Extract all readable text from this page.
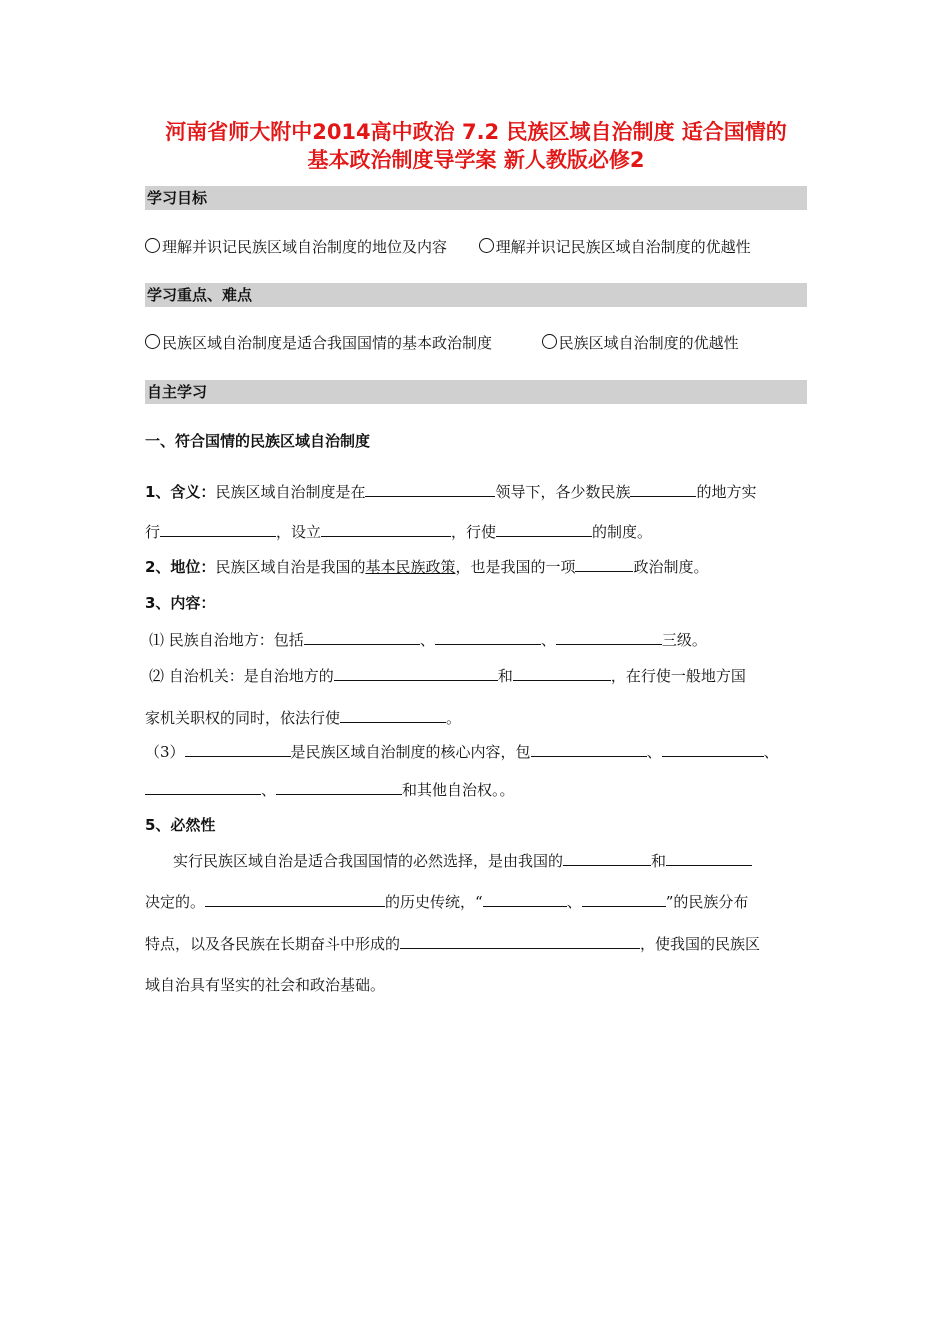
河南省师大附中2014高中政治 7.2 民族区域自治制度 适合国情的
基本政治制度导学案 新人教版必修2
学习目标
理解并识记民族区域自治制度的地位及内容	理解并识记民族区域自治制度的优越性
学习重点、难点
民族区域自治制度是适合我国国情的基本政治制度	民族区域自治制度的优越性
自主学习
一、符合国情的民族区域自治制度
1、含义：民族区域自治制度是在	领导下，各少数民族	的地方实
行	，设立	，行使	的制度。
2、地位：民族区域自治是我国的基本民族政策，也是我国的一项	政治制度。
3、内容：
⑴ 民族自治地方：包括	、	、	三级。
⑵ 自治机关：是自治地方的	和	，在行使一般地方国
家机关职权的同时，依法行使	。
（3）	是民族区域自治制度的核心内容，包	、	、
、	和其他自治权。。
5、必然性
实行民族区域自治是适合我国国情的必然选择，是由我国的	和
决定的。	的历史传统，“	、	”的民族分布
特点，以及各民族在长期奋斗中形成的	，使我国的民族区
域自治具有坚实的社会和政治基础。
